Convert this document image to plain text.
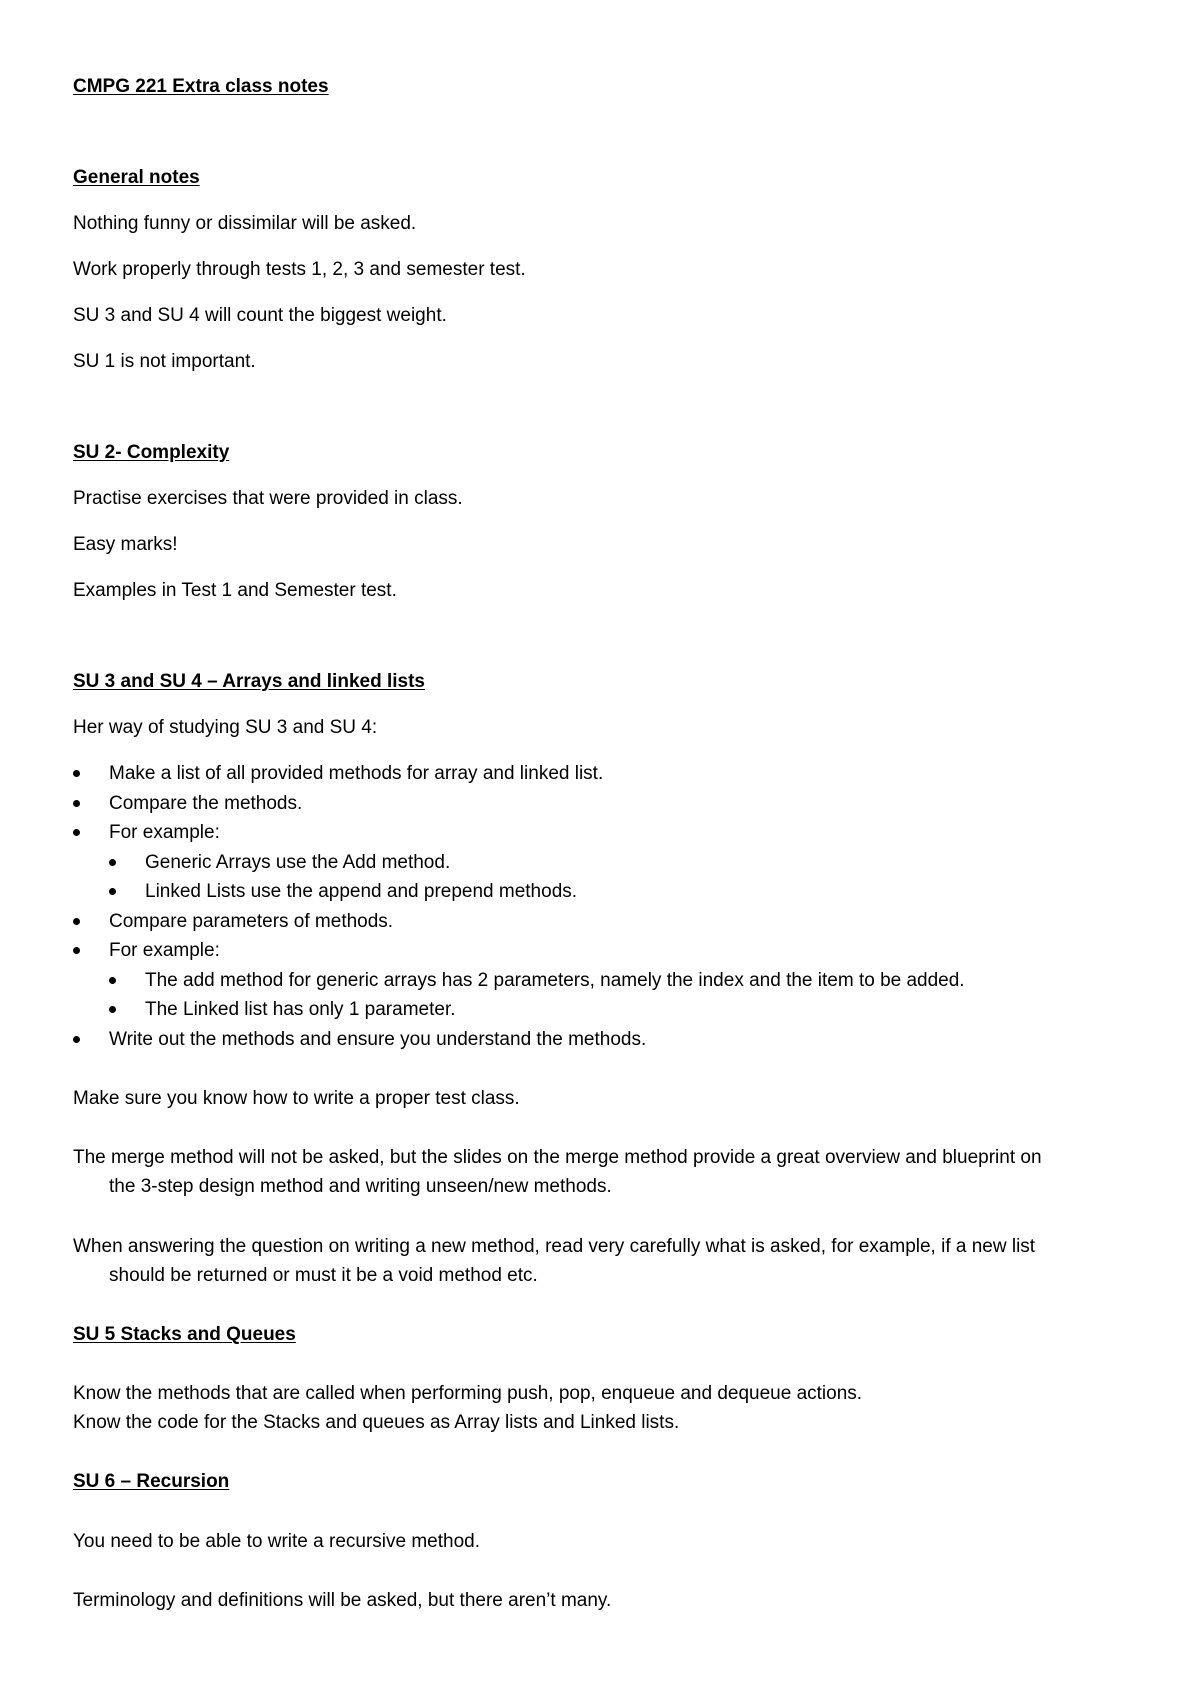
CMPG 221 Extra class notes

General notes

Nothing funny or dissimilar will be asked.

Work properly through tests 1, 2, 3 and semester test.

SU 3 and SU 4 will count the biggest weight.

SU 1 is not important.

SU 2- Complexity

Practise exercises that were provided in class.

Easy marks!

Examples in Test 1 and Semester test.

SU 3 and SU 4 – Arrays and linked lists

Her way of studying SU 3 and SU 4:

Make a list of all provided methods for array and linked list.
Compare the methods.
For example:
Generic Arrays use the Add method.
Linked Lists use the append and prepend methods.
Compare parameters of methods.
For example:
The add method for generic arrays has 2 parameters, namely the index and the item to be added.
The Linked list has only 1 parameter.
Write out the methods and ensure you understand the methods.

Make sure you know how to write a proper test class.

The merge method will not be asked, but the slides on the merge method provide a great overview and blueprint on

the 3-step design method and writing unseen/new methods.

When answering the question on writing a new method, read very carefully what is asked, for example, if a new list

should be returned or must it be a void method etc.

SU 5 Stacks and Queues

Know the methods that are called when performing push, pop, enqueue and dequeue actions.

Know the code for the Stacks and queues as Array lists and Linked lists.

SU 6 – Recursion

You need to be able to write a recursive method.

Terminology and definitions will be asked, but there aren’t many.
